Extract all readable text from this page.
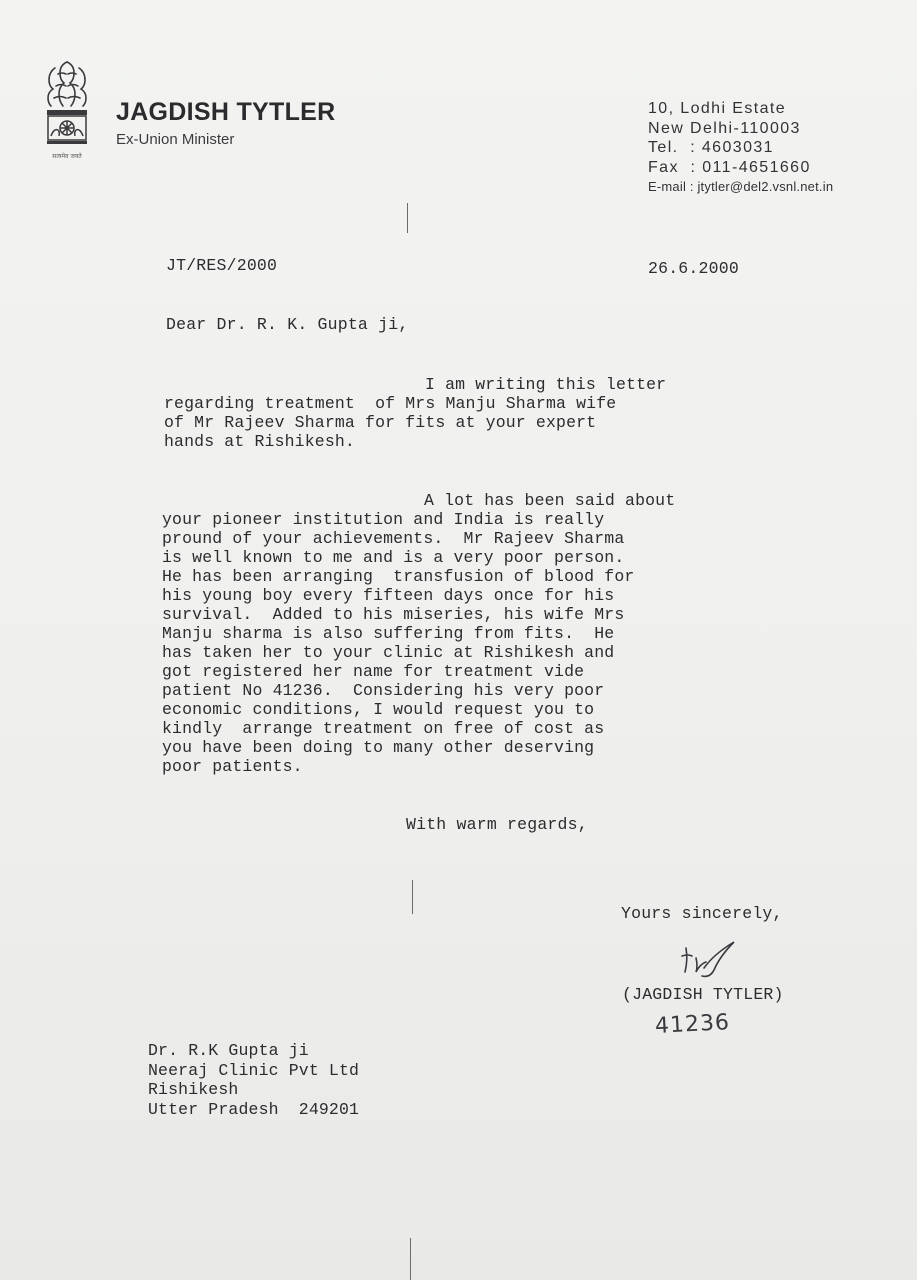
सत्यमेव जयते
JAGDISH TYTLER
Ex-Union Minister
10, Lodhi Estate
New Delhi-110003
Tel.  : 4603031
Fax  : 011-4651660
E-mail : jtytler@del2.vsnl.net.in
JT/RES/2000	26.6.2000
Dear Dr. R. K. Gupta ji,
I am writing this letter
regarding treatment  of Mrs Manju Sharma wife
of Mr Rajeev Sharma for fits at your expert
hands at Rishikesh.
A lot has been said about
your pioneer institution and India is really
pround of your achievements.  Mr Rajeev Sharma
is well known to me and is a very poor person.
He has been arranging  transfusion of blood for
his young boy every fifteen days once for his
survival.  Added to his miseries, his wife Mrs
Manju sharma is also suffering from fits.  He
has taken her to your clinic at Rishikesh and
got registered her name for treatment vide
patient No 41236.  Considering his very poor
economic conditions, I would request you to
kindly  arrange treatment on free of cost as
you have been doing to many other deserving
poor patients.
With warm regards,
Yours sincerely,
(JAGDISH TYTLER)
41236
Dr. R.K Gupta ji
Neeraj Clinic Pvt Ltd
Rishikesh
Utter Pradesh  249201
